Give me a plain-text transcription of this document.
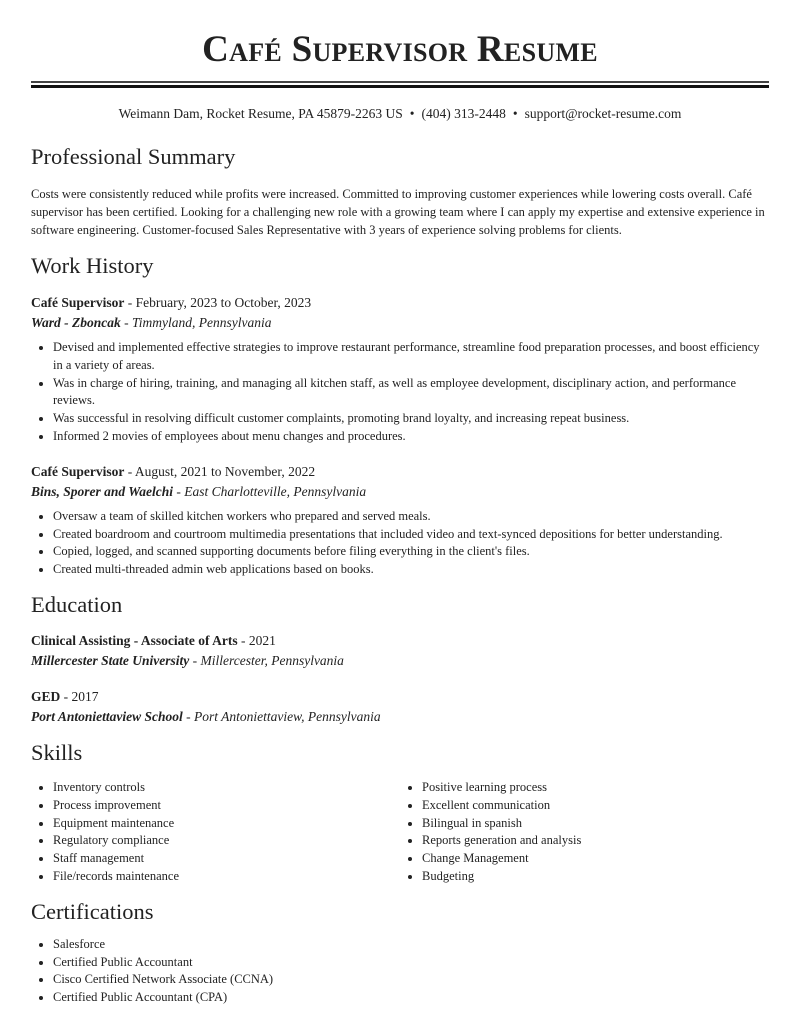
Café Supervisor Resume
Weimann Dam, Rocket Resume, PA 45879-2263 US • (404) 313-2448 • support@rocket-resume.com
Professional Summary

Costs were consistently reduced while profits were increased. Committed to improving customer experiences while lowering costs overall. Café supervisor has been certified. Looking for a challenging new role with a growing team where I can apply my expertise and extensive experience in software engineering. Customer-focused Sales Representative with 3 years of experience solving problems for clients.

Work History
Café Supervisor - February, 2023 to October, 2023
Ward - Zboncak - Timmyland, Pennsylvania
• Devised and implemented effective strategies to improve restaurant performance, streamline food preparation processes, and boost efficiency in a variety of areas.
• Was in charge of hiring, training, and managing all kitchen staff, as well as employee development, disciplinary action, and performance reviews.
• Was successful in resolving difficult customer complaints, promoting brand loyalty, and increasing repeat business.
• Informed 2 movies of employees about menu changes and procedures.
Café Supervisor - August, 2021 to November, 2022
Bins, Sporer and Waelchi - East Charlotteville, Pennsylvania
• Oversaw a team of skilled kitchen workers who prepared and served meals.
• Created boardroom and courtroom multimedia presentations that included video and text-synced depositions for better understanding.
• Copied, logged, and scanned supporting documents before filing everything in the client's files.
• Created multi-threaded admin web applications based on books.
Education
Clinical Assisting - Associate of Arts - 2021
Millercester State University - Millercester, Pennsylvania
GED - 2017
Port Antoniettaview School - Port Antoniettaview, Pennsylvania
Skills
• Inventory controls
• Process improvement
• Equipment maintenance
• Regulatory compliance
• Staff management
• File/records maintenance
• Positive learning process
• Excellent communication
• Bilingual in spanish
• Reports generation and analysis
• Change Management
• Budgeting
Certifications
• Salesforce
• Certified Public Accountant
• Cisco Certified Network Associate (CCNA)
• Certified Public Accountant (CPA)
